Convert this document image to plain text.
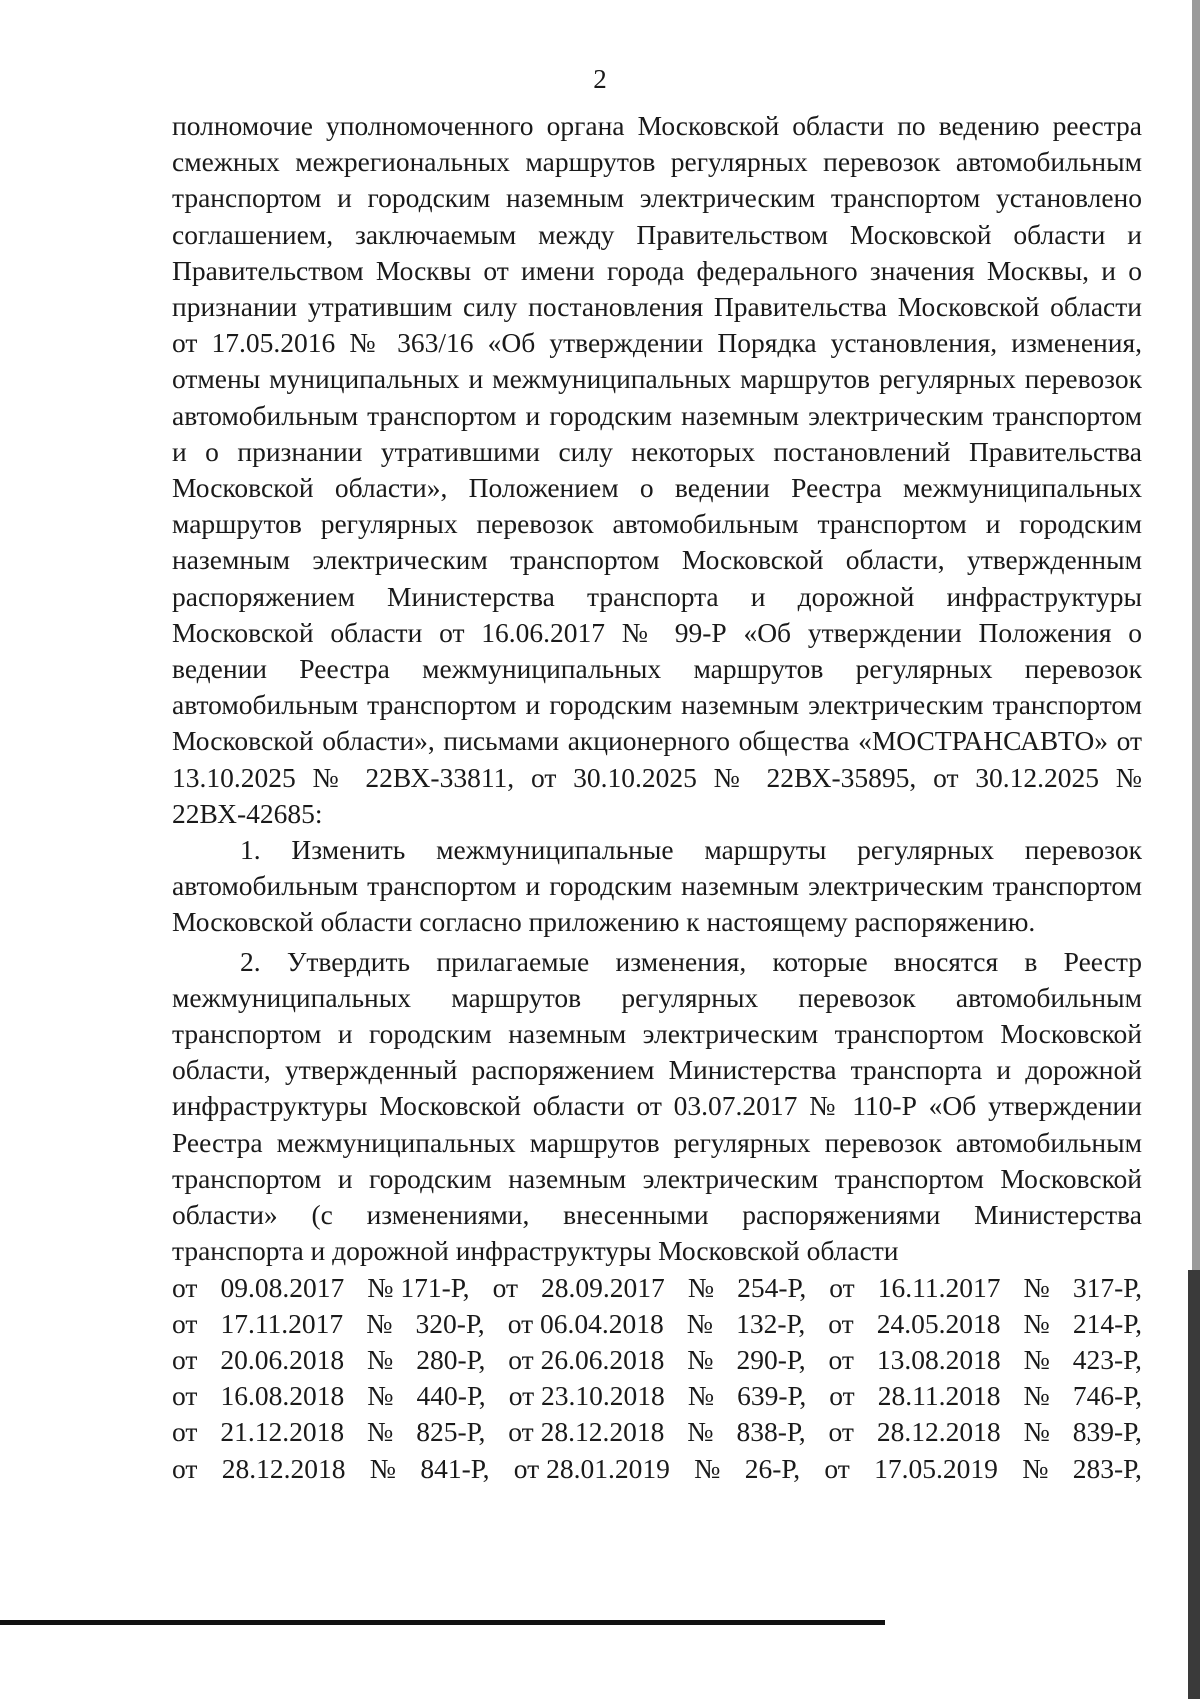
2

полномочие уполномоченного органа Московской области по ведению реестра смежных межрегиональных маршрутов регулярных перевозок автомобильным транспортом и городским наземным электрическим транспортом установлено соглашением, заключаемым между Правительством Московской области и Правительством Москвы от имени города федерального значения Москвы, и о признании утратившим силу постановления Правительства Московской области от 17.05.2016 № 363/16 «Об утверждении Порядка установления, изменения, отмены муниципальных и межмуниципальных маршрутов регулярных перевозок автомобильным транспортом и городским наземным электрическим транспортом и о признании утратившими силу некоторых постановлений Правительства Московской области», Положением о ведении Реестра межмуниципальных маршрутов регулярных перевозок автомобильным транспортом и городским наземным электрическим транспортом Московской области, утвержденным распоряжением Министерства транспорта и дорожной инфраструктуры Московской области от 16.06.2017 № 99-Р «Об утверждении Положения о ведении Реестра межмуниципальных маршрутов регулярных перевозок автомобильным транспортом и городским наземным электрическим транспортом Московской области», письмами акционерного общества «МОСТРАНСАВТО» от 13.10.2025 № 22ВХ-33811, от 30.10.2025 № 22ВХ-35895, от 30.12.2025 № 22ВХ-42685:

1. Изменить межмуниципальные маршруты регулярных перевозок автомобильным транспортом и городским наземным электрическим транспортом Московской области согласно приложению к настоящему распоряжению.

2. Утвердить прилагаемые изменения, которые вносятся в Реестр межмуниципальных маршрутов регулярных перевозок автомобильным транспортом и городским наземным электрическим транспортом Московской области, утвержденный распоряжением Министерства транспорта и дорожной инфраструктуры Московской области от 03.07.2017 № 110-Р «Об утверждении Реестра межмуниципальных маршрутов регулярных перевозок автомобильным транспортом и городским наземным электрическим транспортом Московской области» (с изменениями, внесенными распоряжениями Министерства транспорта и дорожной инфраструктуры Московской области

от 09.08.2017 № 171-Р, от 28.09.2017 № 254-Р, от 16.11.2017 № 317-Р,
от 17.11.2017 № 320-Р, от 06.04.2018 № 132-Р, от 24.05.2018 № 214-Р,
от 20.06.2018 № 280-Р, от 26.06.2018 № 290-Р, от 13.08.2018 № 423-Р,
от 16.08.2018 № 440-Р, от 23.10.2018 № 639-Р, от 28.11.2018 № 746-Р,
от 21.12.2018 № 825-Р, от 28.12.2018 № 838-Р, от 28.12.2018 № 839-Р,
от 28.12.2018 № 841-Р, от 28.01.2019 № 26-Р, от 17.05.2019 № 283-Р,
